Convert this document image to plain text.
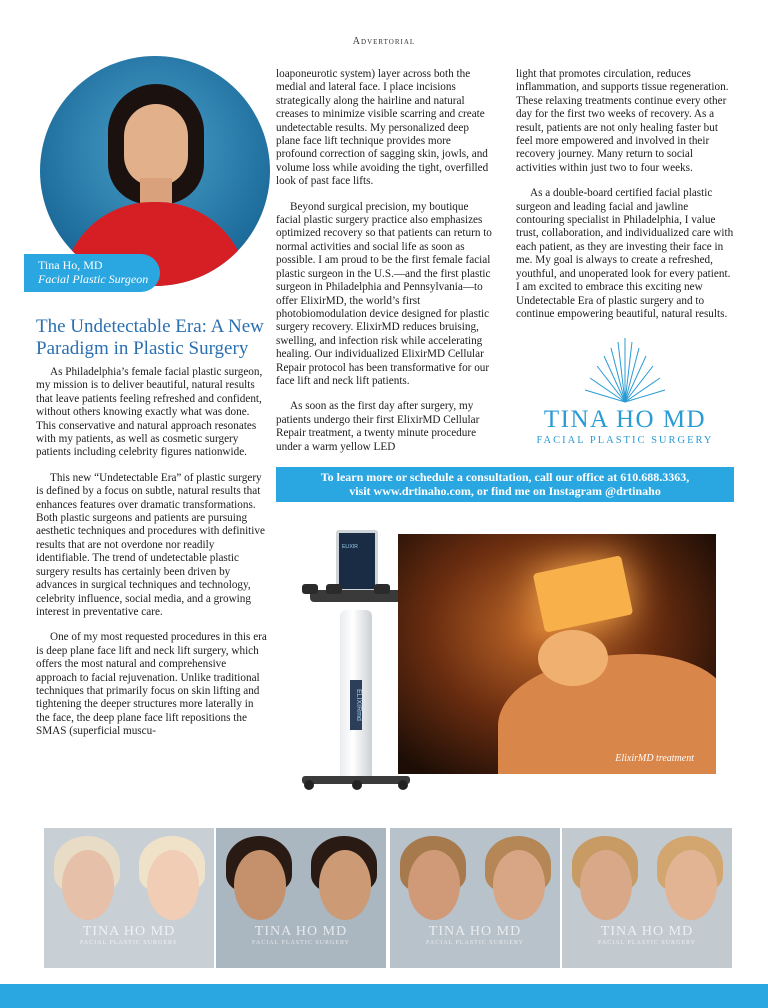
Advertorial
Tina Ho, MD
Facial Plastic Surgeon
The Undetectable Era: A New Paradigm in Plastic Surgery

As Philadelphia’s female facial plastic surgeon, my mission is to deliver beautiful, natural results that leave patients feeling refreshed and confident, without others knowing exactly what was done. This conservative and natural approach resonates with my patients, as well as cosmetic surgery patients including celebrity figures nationwide.

This new “Undetectable Era” of plastic surgery is defined by a focus on subtle, natural results that enhances features over dramatic transformations. Both plastic surgeons and patients are pursuing aesthetic techniques and procedures with definitive results that are not overdone nor readily identifiable. The trend of undetectable plastic surgery results has certainly been driven by advances in surgical techniques and technology, celebrity influence, social media, and a growing interest in preventative care.

One of my most requested procedures in this era is deep plane face lift and neck lift surgery, which offers the most natural and comprehensive approach to facial rejuvenation. Unlike traditional techniques that primarily focus on skin lifting and tightening the deeper structures more laterally in the face, the deep plane face lift repositions the SMAS (superficial muscu-

loaponeurotic system) layer across both the medial and lateral face. I place incisions strategically along the hairline and natural creases to minimize visible scarring and create undetectable results. My personalized deep plane face lift technique provides more profound correction of sagging skin, jowls, and volume loss while avoiding the tight, overfilled look of past face lifts.

Beyond surgical precision, my boutique facial plastic surgery practice also emphasizes optimized recovery so that patients can return to normal activities and social life as soon as possible. I am proud to be the first female facial plastic surgeon in the U.S.—and the first plastic surgeon in Philadelphia and Pennsylvania—to offer ElixirMD, the world’s first photobiomodulation device designed for plastic surgery recovery. ElixirMD reduces bruising, swelling, and infection risk while accelerating healing. Our individualized ElixirMD Cellular Repair protocol has been transformative for our face lift and neck lift patients.

As soon as the first day after surgery, my patients undergo their first ElixirMD Cellular Repair treatment, a twenty minute procedure under a warm yellow LED

light that promotes circulation, reduces inflammation, and supports tissue regeneration. These relaxing treatments continue every other day for the first two weeks of recovery. As a result, patients are not only healing faster but feel more empowered and involved in their recovery journey. Many return to social activities within just two to four weeks.

As a double-board certified facial plastic surgeon and leading facial and jawline contouring specialist in Philadelphia, I value trust, collaboration, and individualized care with each patient, as they are investing their face in me. My goal is always to create a refreshed, youthful, and unoperated look for every patient. I am excited to embrace this exciting new Undetectable Era of plastic surgery and to continue empowering beautiful, natural results.

TINA HO MD
FACIAL PLASTIC SURGERY
To learn more or schedule a consultation, call our office at 610.688.3363,
visit www.drtinaho.com, or find me on Instagram @drtinaho
ELIXIR
ELIXIRmd
ElixirMD treatment
TINA HO MD
FACIAL PLASTIC SURGERY
TINA HO MD
FACIAL PLASTIC SURGERY
TINA HO MD
FACIAL PLASTIC SURGERY
TINA HO MD
FACIAL PLASTIC SURGERY
